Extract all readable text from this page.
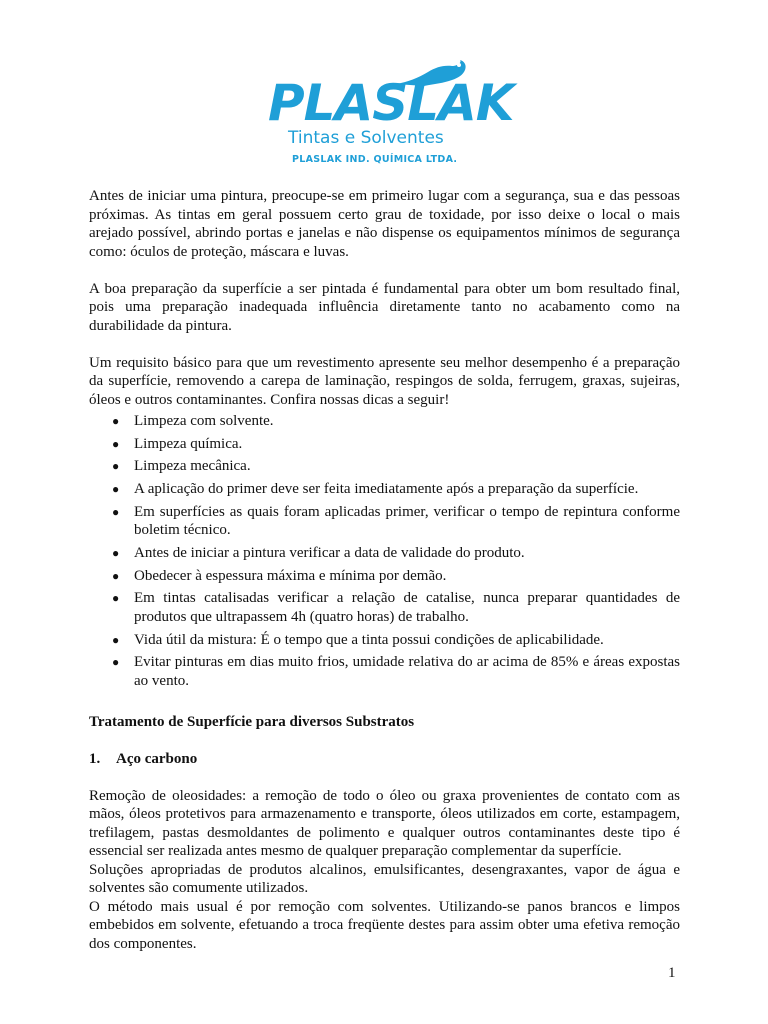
PLASLAK
Tintas e Solventes
PLASLAK IND. QUÍMICA LTDA.

Antes de iniciar uma pintura, preocupe-se em primeiro lugar com a segurança, sua e das pessoas próximas. As tintas em geral possuem certo grau de toxidade, por isso deixe o local o mais arejado possível, abrindo portas e janelas e não dispense os equipamentos mínimos de segurança como: óculos de proteção, máscara e luvas.

A boa preparação da superfície a ser pintada é fundamental para obter um bom resultado final, pois uma preparação inadequada influência diretamente tanto no acabamento como na durabilidade da pintura.

Um requisito básico para que um revestimento apresente seu melhor desempenho é a preparação da superfície, removendo a carepa de laminação, respingos de solda, ferrugem, graxas, sujeiras, óleos e outros contaminantes. Confira nossas dicas a seguir!

● Limpeza com solvente.
● Limpeza química.
● Limpeza mecânica.
● A aplicação do primer deve ser feita imediatamente após a preparação da superfície.
● Em superfícies as quais foram aplicadas primer, verificar o tempo de repintura conforme boletim técnico.
● Antes de iniciar a pintura verificar a data de validade do produto.
● Obedecer à espessura máxima e mínima por demão.
● Em tintas catalisadas verificar a relação de catalise, nunca preparar quantidades de produtos que ultrapassem 4h (quatro horas) de trabalho.
● Vida útil da mistura: É o tempo que a tinta possui condições de aplicabilidade.
● Evitar pinturas em dias muito frios, umidade relativa do ar acima de 85% e áreas expostas ao vento.

Tratamento de Superfície para diversos Substratos

1.	Aço carbono

Remoção de oleosidades: a remoção de todo o óleo ou graxa provenientes de contato com as mãos, óleos protetivos para armazenamento e transporte, óleos utilizados em corte, estampagem, trefilagem, pastas desmoldantes de polimento e qualquer outros contaminantes deste tipo é essencial ser realizada antes mesmo de qualquer preparação complementar da superfície.

Soluções apropriadas de produtos alcalinos, emulsificantes, desengraxantes, vapor de água e solventes são comumente utilizados.

O método mais usual é por remoção com solventes. Utilizando-se panos brancos e limpos embebidos em solvente, efetuando a troca freqüente destes para assim obter uma efetiva remoção dos componentes.

1
